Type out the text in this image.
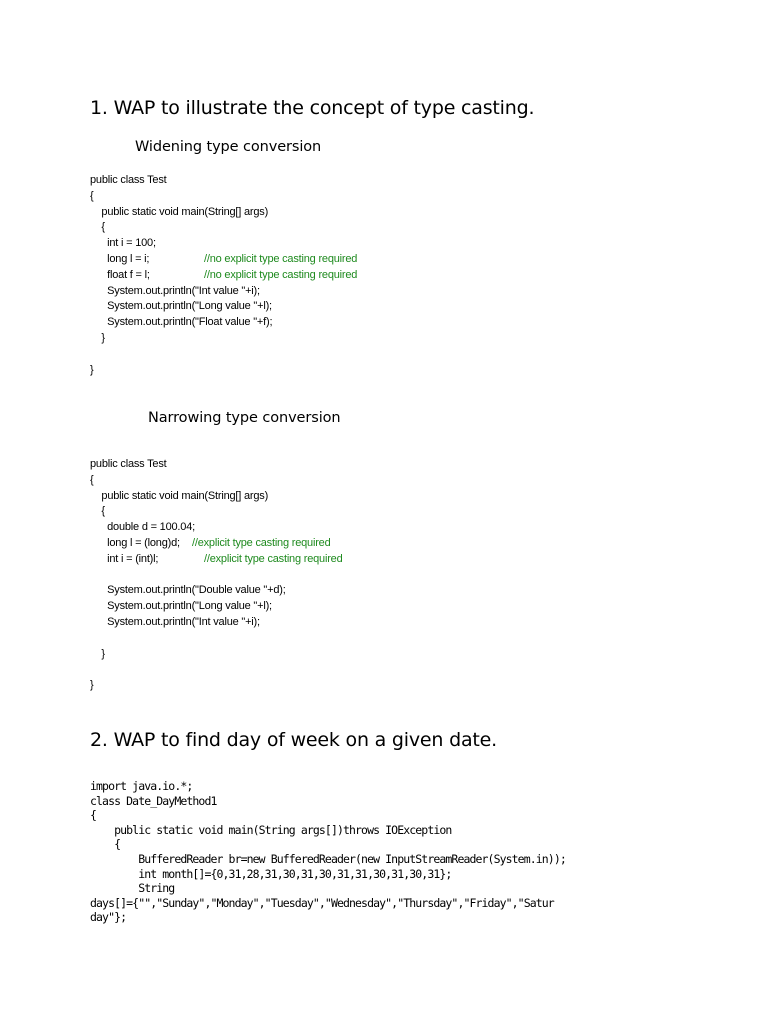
1. WAP to illustrate the concept of type casting.
Widening type conversion
public class Test
{
public static void main(String[] args)
{
int i = 100;
long l = i;	//no explicit type casting required
float f = l;	//no explicit type casting required
System.out.println("Int value "+i);
System.out.println("Long value "+l);
System.out.println("Float value "+f);
}
}
Narrowing type conversion
public class Test
{
public static void main(String[] args)
{
double d = 100.04;
long l = (long)d; //explicit type casting required
int i = (int)l;	//explicit type casting required
System.out.println("Double value "+d);
System.out.println("Long value "+l);
System.out.println("Int value "+i);
}
}
2. WAP to find day of week on a given date.
import java.io.*;
class Date_DayMethod1
{
public static void main(String args[])throws IOException
{
BufferedReader br=new BufferedReader(new InputStreamReader(System.in));
int month[]={0,31,28,31,30,31,30,31,31,30,31,30,31};
String
days[]={"","Sunday","Monday","Tuesday","Wednesday","Thursday","Friday","Satur
day"};
